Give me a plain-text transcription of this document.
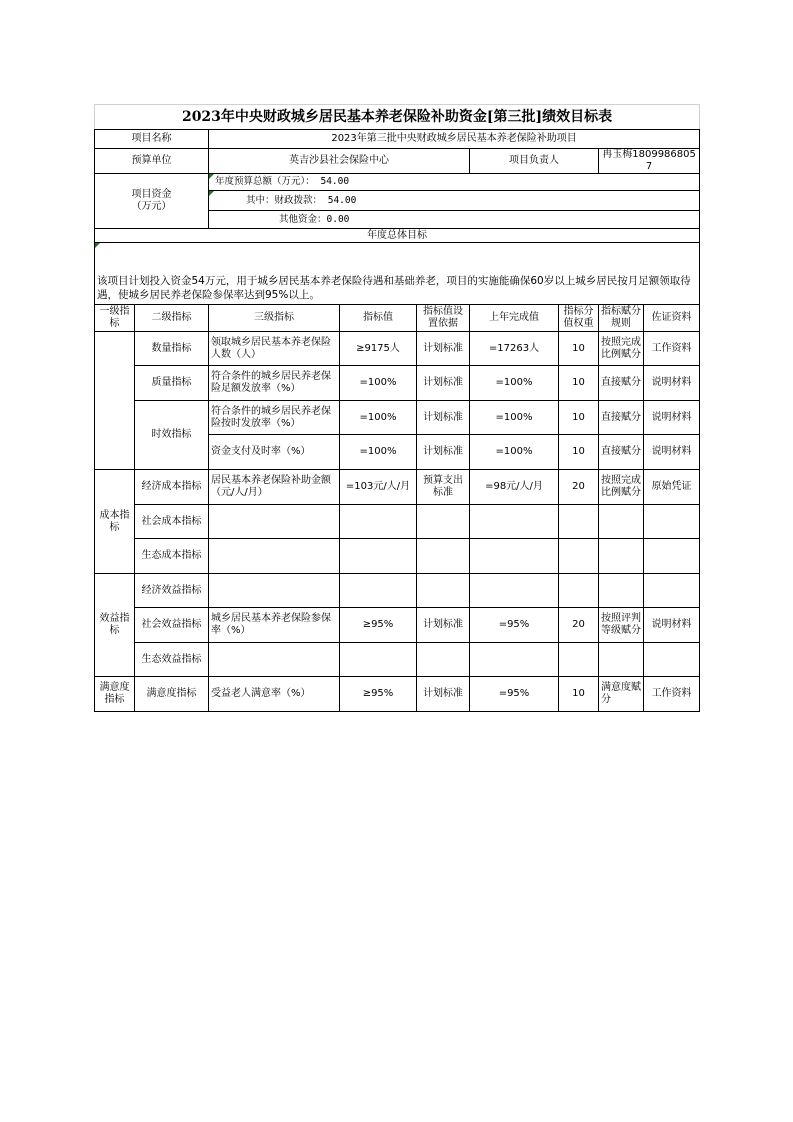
2023年中央财政城乡居民基本养老保险补助资金[第三批]绩效目标表								
项目名称		2023年第三批中央财政城乡居民基本养老保险补助项目						
预算单位		英吉沙县社会保险中心			项目负责人		冉玉梅18099868057	
项目资金
（万元）		年度预算总额（万元）： 54.00						

其中：财政拨款： 54.00						
		其他资金：0.00						
年度总体目标								

该项目计划投入资金54万元，用于城乡居民基本养老保险待遇和基础养老，项目的实施能确保60岁以上城乡居民按月足额领取待遇，使城乡居民养老保险参保率达到95%以上。								
一级指标	二级指标	三级指标	指标值	指标值设置依据	上年完成值	指标分值权重	指标赋分规则	佐证资料
	数量指标	领取城乡居民基本养老保险人数（人）	≥9175人	计划标准	=17263人	10	按照完成比例赋分	工作资料
	质量指标	符合条件的城乡居民养老保险足额发放率（%）	=100%	计划标准	=100%	10	直接赋分	说明材料
	时效指标	符合条件的城乡居民养老保险按时发放率（%）	=100%	计划标准	=100%	10	直接赋分	说明材料
		资金支付及时率（%）	=100%	计划标准	=100%	10	直接赋分	说明材料
成本指标	经济成本指标	居民基本养老保险补助金额（元/人/月）	=103元/人/月	预算支出标准	=98元/人/月	20	按照完成比例赋分	原始凭证
	社会成本指标							
	生态成本指标							
效益指标	经济效益指标							
	社会效益指标	城乡居民基本养老保险参保率（%）	≥95%	计划标准	=95%	20	按照评判等级赋分	说明材料
	生态效益指标							
满意度指标	满意度指标	受益老人满意率（%）	≥95%	计划标准	=95%	10	满意度赋分	工作资料
